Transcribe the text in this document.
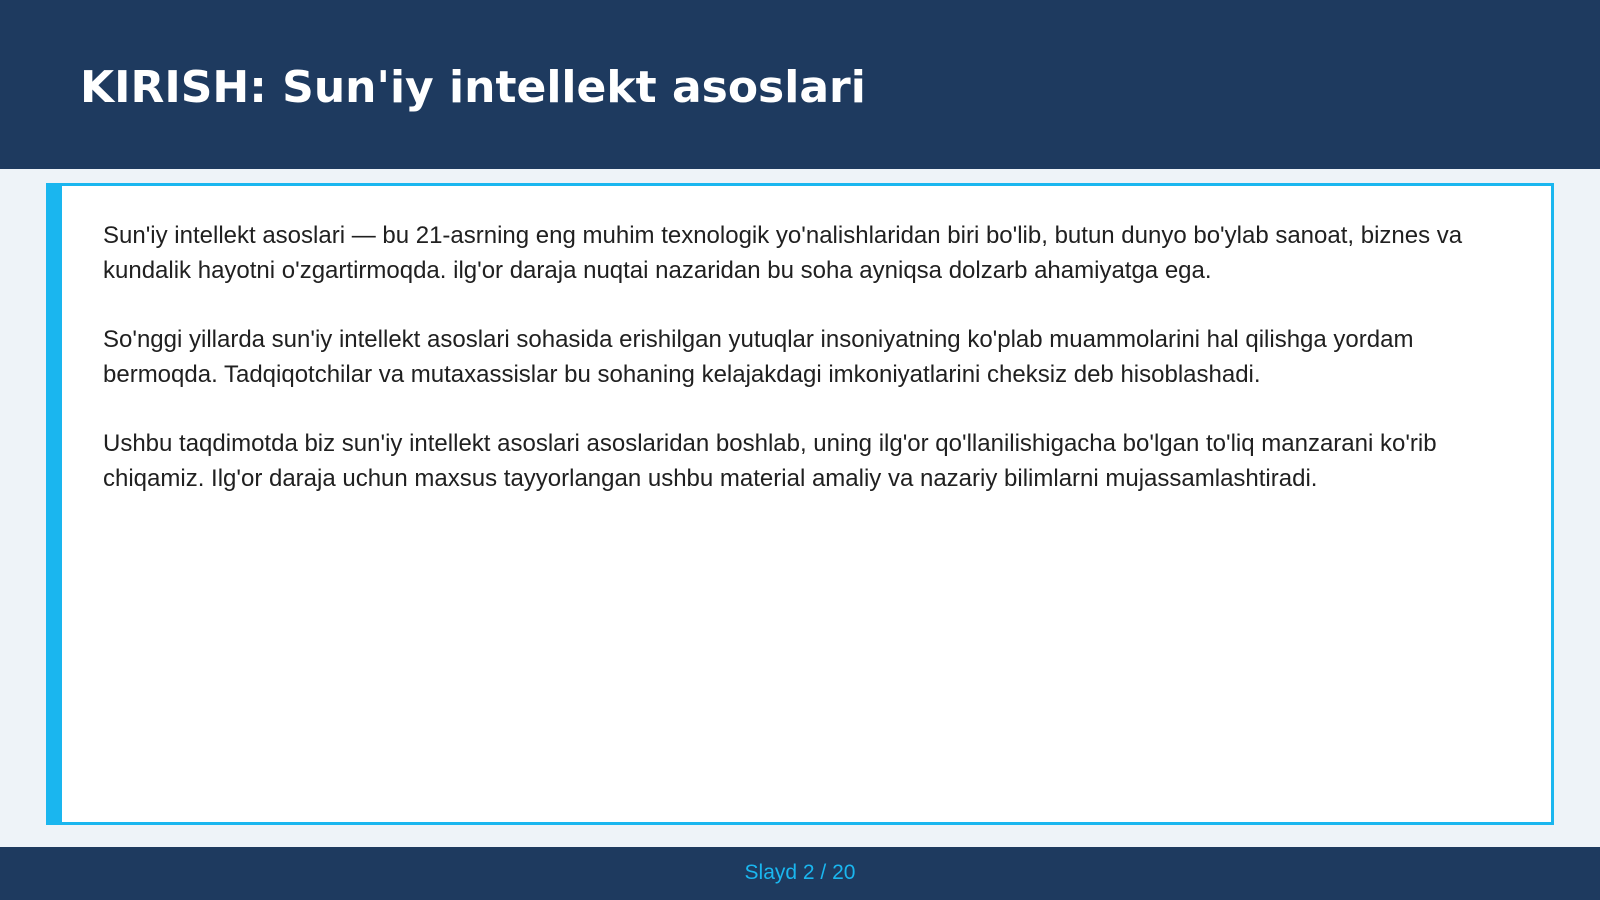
KIRISH: Sun'iy intellekt asoslari

Sun'iy intellekt asoslari — bu 21-asrning eng muhim texnologik yo'nalishlaridan biri bo'lib, butun dunyo bo'ylab sanoat, biznes va kundalik hayotni o'zgartirmoqda. ilg'or daraja nuqtai nazaridan bu soha ayniqsa dolzarb ahamiyatga ega.

So'nggi yillarda sun'iy intellekt asoslari sohasida erishilgan yutuqlar insoniyatning ko'plab muammolarini hal qilishga yordam bermoqda. Tadqiqotchilar va mutaxassislar bu sohaning kelajakdagi imkoniyatlarini cheksiz deb hisoblashadi.

Ushbu taqdimotda biz sun'iy intellekt asoslari asoslaridan boshlab, uning ilg'or qo'llanilishigacha bo'lgan to'liq manzarani ko'rib chiqamiz. Ilg'or daraja uchun maxsus tayyorlangan ushbu material amaliy va nazariy bilimlarni mujassamlashtiradi.

Slayd 2 / 20
